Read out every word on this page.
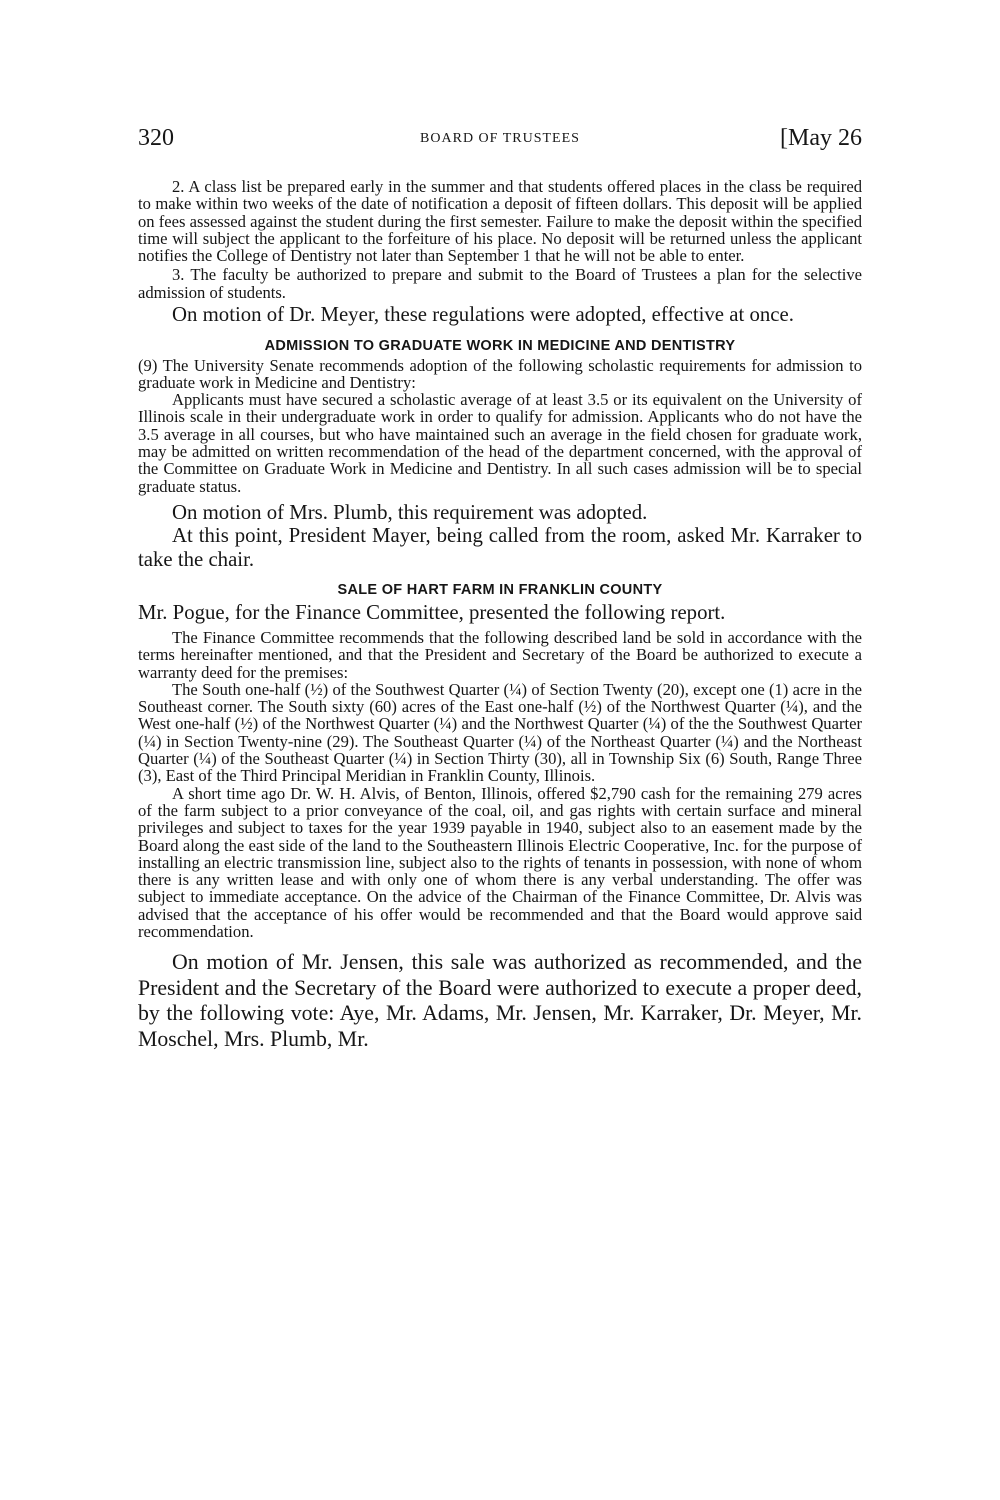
320	BOARD OF TRUSTEES	[May 26

2. A class list be prepared early in the summer and that students offered places in the class be required to make within two weeks of the date of notification a deposit of fifteen dollars. This deposit will be applied on fees assessed against the student during the first semester. Failure to make the deposit within the specified time will subject the applicant to the forfeiture of his place. No deposit will be returned unless the applicant notifies the College of Dentistry not later than September 1 that he will not be able to enter.

3. The faculty be authorized to prepare and submit to the Board of Trustees a plan for the selective admission of students.

On motion of Dr. Meyer, these regulations were adopted, effective at once.

ADMISSION TO GRADUATE WORK IN MEDICINE AND DENTISTRY

(9) The University Senate recommends adoption of the following scholastic requirements for admission to graduate work in Medicine and Dentistry:

Applicants must have secured a scholastic average of at least 3.5 or its equivalent on the University of Illinois scale in their undergraduate work in order to qualify for admission. Applicants who do not have the 3.5 average in all courses, but who have maintained such an average in the field chosen for graduate work, may be admitted on written recommendation of the head of the department concerned, with the approval of the Committee on Graduate Work in Medicine and Dentistry. In all such cases admission will be to special graduate status.

On motion of Mrs. Plumb, this requirement was adopted.

At this point, President Mayer, being called from the room, asked Mr. Karraker to take the chair.

SALE OF HART FARM IN FRANKLIN COUNTY

Mr. Pogue, for the Finance Committee, presented the following report.

The Finance Committee recommends that the following described land be sold in accordance with the terms hereinafter mentioned, and that the President and Secretary of the Board be authorized to execute a warranty deed for the premises:

The South one-half (½) of the Southwest Quarter (¼) of Section Twenty (20), except one (1) acre in the Southeast corner. The South sixty (60) acres of the East one-half (½) of the Northwest Quarter (¼), and the West one-half (½) of the Northwest Quarter (¼) and the Northwest Quarter (¼) of the the Southwest Quarter (¼) in Section Twenty-nine (29). The Southeast Quarter (¼) of the Northeast Quarter (¼) and the Northeast Quarter (¼) of the Southeast Quarter (¼) in Section Thirty (30), all in Township Six (6) South, Range Three (3), East of the Third Principal Meridian in Franklin County, Illinois.

A short time ago Dr. W. H. Alvis, of Benton, Illinois, offered $2,790 cash for the remaining 279 acres of the farm subject to a prior conveyance of the coal, oil, and gas rights with certain surface and mineral privileges and subject to taxes for the year 1939 payable in 1940, subject also to an easement made by the Board along the east side of the land to the Southeastern Illinois Electric Cooperative, Inc. for the purpose of installing an electric transmission line, subject also to the rights of tenants in possession, with none of whom there is any written lease and with only one of whom there is any verbal understanding. The offer was subject to immediate acceptance. On the advice of the Chairman of the Finance Committee, Dr. Alvis was advised that the acceptance of his offer would be recommended and that the Board would approve said recommendation.

On motion of Mr. Jensen, this sale was authorized as recommended, and the President and the Secretary of the Board were authorized to execute a proper deed, by the following vote: Aye, Mr. Adams, Mr. Jensen, Mr. Karraker, Dr. Meyer, Mr. Moschel, Mrs. Plumb, Mr.
